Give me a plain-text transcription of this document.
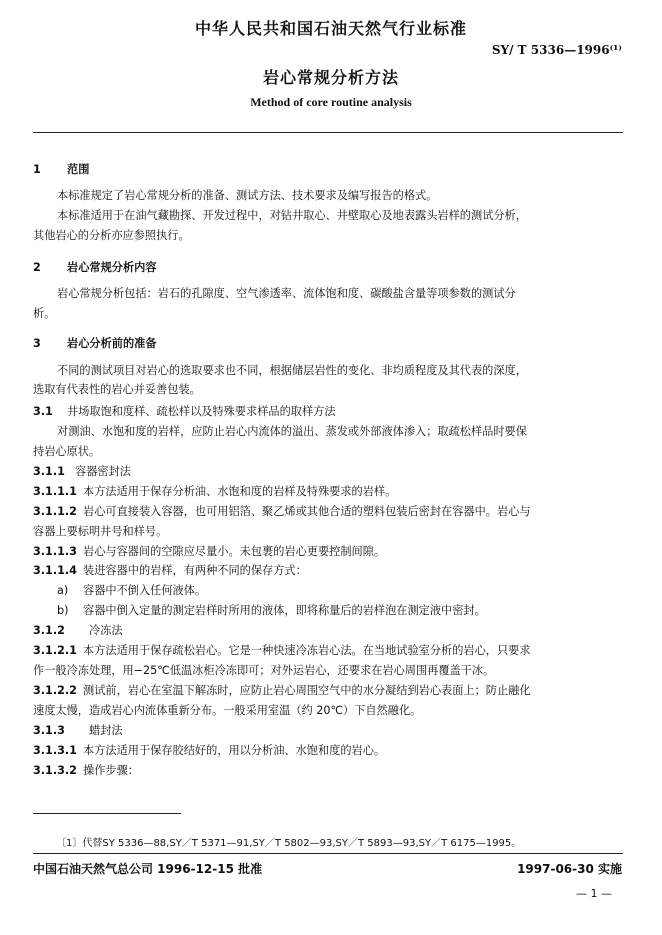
中华人民共和国石油天然气行业标准
SY/ T 5336—1996⁽¹⁾
岩心常规分析方法
Method of core routine analysis
1 范围
本标准规定了岩心常规分析的准备、测试方法、技术要求及编写报告的格式。
本标准适用于在油气藏勘探、开发过程中，对钻井取心、井壁取心及地表露头岩样的测试分析，
其他岩心的分析亦应参照执行。
2 岩心常规分析内容
岩心常规分析包括：岩石的孔隙度、空气渗透率、流体饱和度、碳酸盐含量等项参数的测试分
析。
3 岩心分析前的准备
不同的测试项目对岩心的选取要求也不同，根据储层岩性的变化、非均质程度及其代表的深度，
选取有代表性的岩心并妥善包装。
3.1 井场取饱和度样、疏松样以及特殊要求样品的取样方法
对测油、水饱和度的岩样，应防止岩心内流体的溢出、蒸发或外部液体渗入；取疏松样品时要保
持岩心原状。
3.1.1 容器密封法
3.1.1.1 本方法适用于保存分析油、水饱和度的岩样及特殊要求的岩样。
3.1.1.2 岩心可直接装入容器，也可用铝箔、聚乙烯或其他合适的塑料包装后密封在容器中。岩心与
容器上要标明井号和样号。
3.1.1.3 岩心与容器间的空隙应尽量小。未包裹的岩心更要控制间隙。
3.1.1.4 装进容器中的岩样，有两种不同的保存方式：
a) 容器中不倒入任何液体。
b) 容器中倒入定量的测定岩样时所用的液体，即将称量后的岩样泡在测定液中密封。
3.1.2 冷冻法
3.1.2.1 本方法适用于保存疏松岩心。它是一种快速冷冻岩心法。在当地试验室分析的岩心，只要求
作一般冷冻处理，用−25℃低温冰柜冷冻即可；对外运岩心，还要求在岩心周围再覆盖干冰。
3.1.2.2 测试前，岩心在室温下解冻时，应防止岩心周围空气中的水分凝结到岩心表面上；防止融化
速度太慢，造成岩心内流体重新分布。一般采用室温（约 20℃）下自然融化。
3.1.3 蜡封法
3.1.3.1 本方法适用于保存胶结好的，用以分析油、水饱和度的岩心。
3.1.3.2 操作步骤：
〔1〕代替SY 5336—88,SY／T 5371—91,SY／T 5802—93,SY／T 5893—93,SY／T 6175—1995。
中国石油天然气总公司 1996-12-15 批准	1997-06-30 实施
— 1 —
